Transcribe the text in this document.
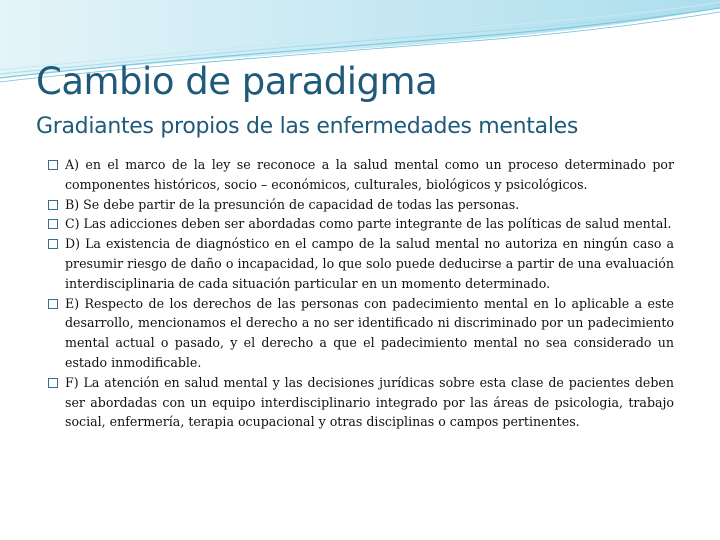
Cambio de paradigma
Gradiantes propios de las enfermedades mentales
A) en el marco de la ley se reconoce a la salud mental como un proceso determinado por componentes históricos, socio – económicos, culturales, biológicos y psicológicos.
B) Se debe partir de la presunción de capacidad de todas las personas.
C) Las adicciones deben ser abordadas como parte integrante de las políticas de salud mental.
D) La existencia de diagnóstico en el campo de la salud mental no autoriza en ningún caso a presumir riesgo de daño o incapacidad, lo que solo puede deducirse a partir de una evaluación interdisciplinaria de cada situación particular en un momento determinado.
E) Respecto de los derechos de las personas con padecimiento mental en lo aplicable a este desarrollo, mencionamos el derecho a no ser identificado ni discriminado por un padecimiento mental actual o pasado, y el derecho a que el padecimiento mental no sea considerado un estado inmodificable.
F) La atención en salud mental y las decisiones jurídicas sobre esta clase de pacientes deben ser abordadas con un equipo interdisciplinario integrado por las áreas de psicologia, trabajo social, enfermería, terapia ocupacional y otras disciplinas o campos pertinentes.
